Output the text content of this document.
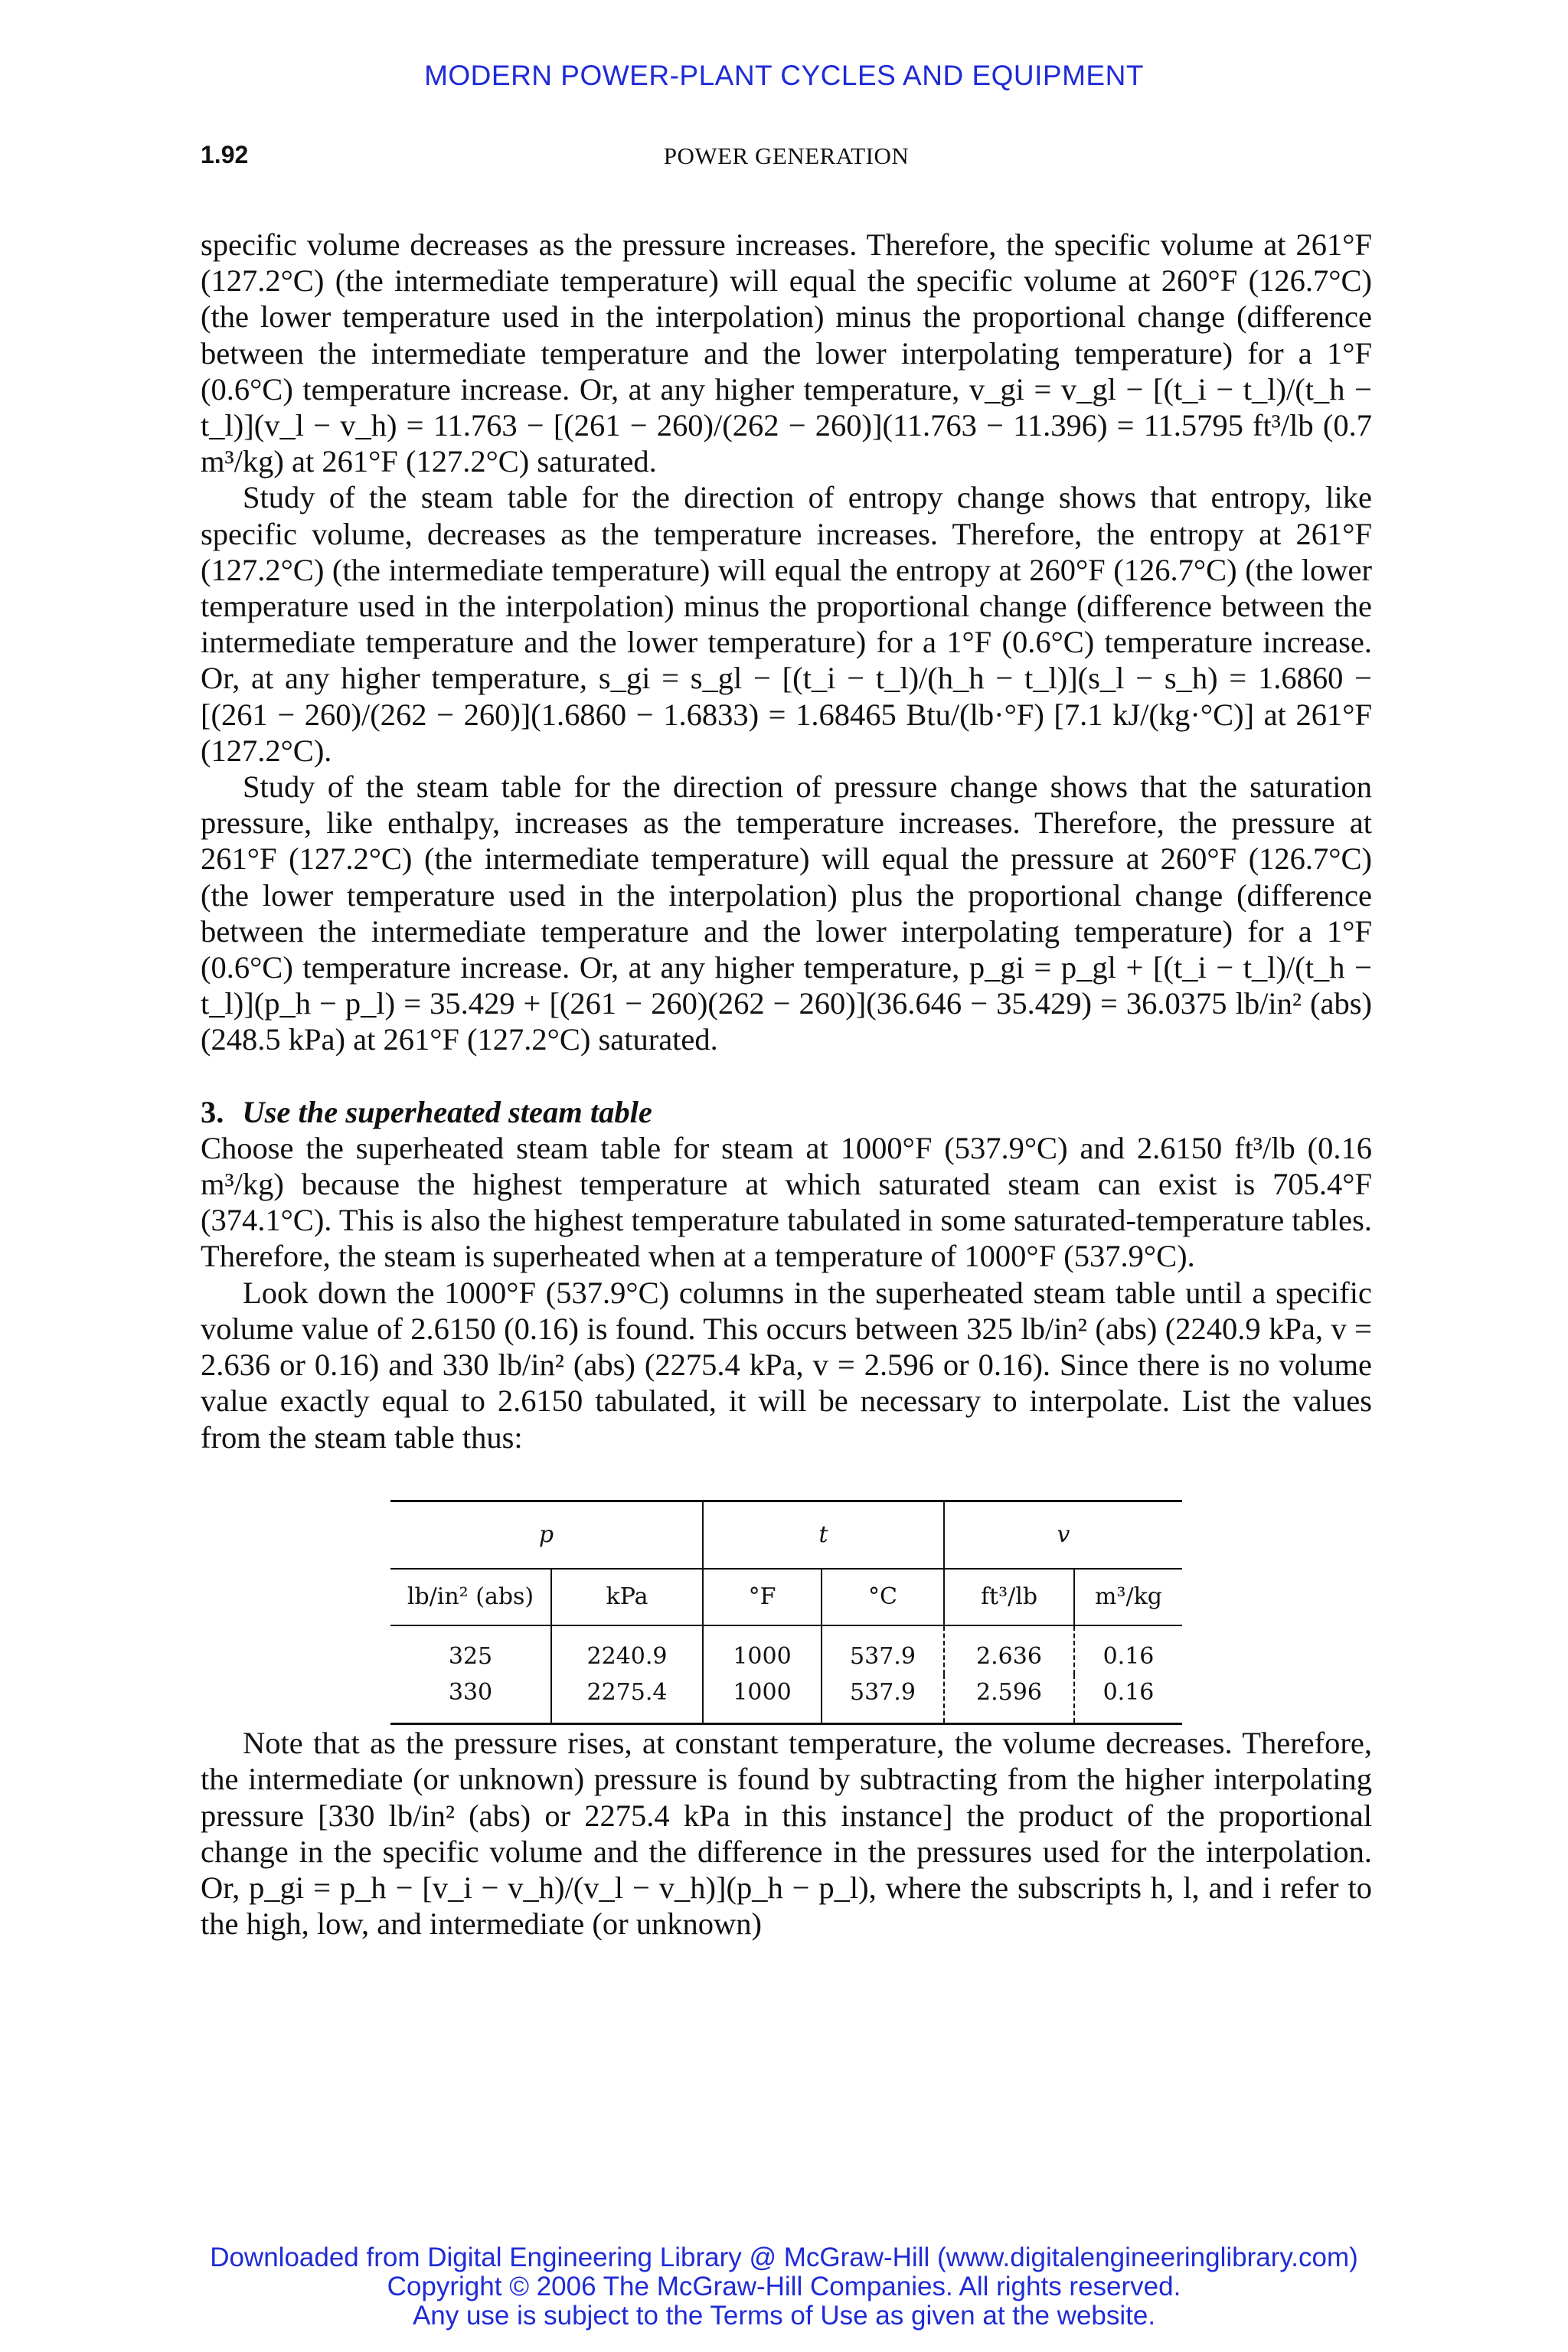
MODERN POWER-PLANT CYCLES AND EQUIPMENT
1.92	POWER GENERATION

specific volume decreases as the pressure increases. Therefore, the specific volume at 261°F (127.2°C) (the intermediate temperature) will equal the specific volume at 260°F (126.7°C) (the lower temperature used in the interpolation) minus the proportional change (difference between the intermediate temperature and the lower interpolating temperature) for a 1°F (0.6°C) temperature increase. Or, at any higher temperature, v_gi = v_gl − [(t_i − t_l)/(t_h − t_l)](v_l − v_h) = 11.763 − [(261 − 260)/(262 − 260)](11.763 − 11.396) = 11.5795 ft³/lb (0.7 m³/kg) at 261°F (127.2°C) saturated.

Study of the steam table for the direction of entropy change shows that entropy, like specific volume, decreases as the temperature increases. Therefore, the entropy at 261°F (127.2°C) (the intermediate temperature) will equal the entropy at 260°F (126.7°C) (the lower temperature used in the interpolation) minus the proportional change (difference between the intermediate temperature and the lower temperature) for a 1°F (0.6°C) temperature increase. Or, at any higher temperature, s_gi = s_gl − [(t_i − t_l)/(h_h − t_l)](s_l − s_h) = 1.6860 − [(261 − 260)/(262 − 260)](1.6860 − 1.6833) = 1.68465 Btu/(lb·°F) [7.1 kJ/(kg·°C)] at 261°F (127.2°C).

Study of the steam table for the direction of pressure change shows that the saturation pressure, like enthalpy, increases as the temperature increases. Therefore, the pressure at 261°F (127.2°C) (the intermediate temperature) will equal the pressure at 260°F (126.7°C) (the lower temperature used in the interpolation) plus the proportional change (difference between the intermediate temperature and the lower interpolating temperature) for a 1°F (0.6°C) temperature increase. Or, at any higher temperature, p_gi = p_gl + [(t_i − t_l)/(t_h − t_l)](p_h − p_l) = 35.429 + [(261 − 260)(262 − 260)](36.646 − 35.429) = 36.0375 lb/in² (abs) (248.5 kPa) at 261°F (127.2°C) saturated.

3. Use the superheated steam table

Choose the superheated steam table for steam at 1000°F (537.9°C) and 2.6150 ft³/lb (0.16 m³/kg) because the highest temperature at which saturated steam can exist is 705.4°F (374.1°C). This is also the highest temperature tabulated in some saturated-temperature tables. Therefore, the steam is superheated when at a temperature of 1000°F (537.9°C).

Look down the 1000°F (537.9°C) columns in the superheated steam table until a specific volume value of 2.6150 (0.16) is found. This occurs between 325 lb/in² (abs) (2240.9 kPa, v = 2.636 or 0.16) and 330 lb/in² (abs) (2275.4 kPa, v = 2.596 or 0.16). Since there is no volume value exactly equal to 2.6150 tabulated, it will be necessary to interpolate. List the values from the steam table thus:

p		t		v	
lb/in² (abs)	kPa	°F	°C	ft³/lb	m³/kg
325	2240.9	1000	537.9	2.636	0.16
330	2275.4	1000	537.9	2.596	0.16

Note that as the pressure rises, at constant temperature, the volume decreases. Therefore, the intermediate (or unknown) pressure is found by subtracting from the higher interpolating pressure [330 lb/in² (abs) or 2275.4 kPa in this instance] the product of the proportional change in the specific volume and the difference in the pressures used for the interpolation. Or, p_gi = p_h − [v_i − v_h)/(v_l − v_h)](p_h − p_l), where the subscripts h, l, and i refer to the high, low, and intermediate (or unknown)

Downloaded from Digital Engineering Library @ McGraw-Hill (www.digitalengineeringlibrary.com)
Copyright © 2006 The McGraw-Hill Companies. All rights reserved.
Any use is subject to the Terms of Use as given at the website.
